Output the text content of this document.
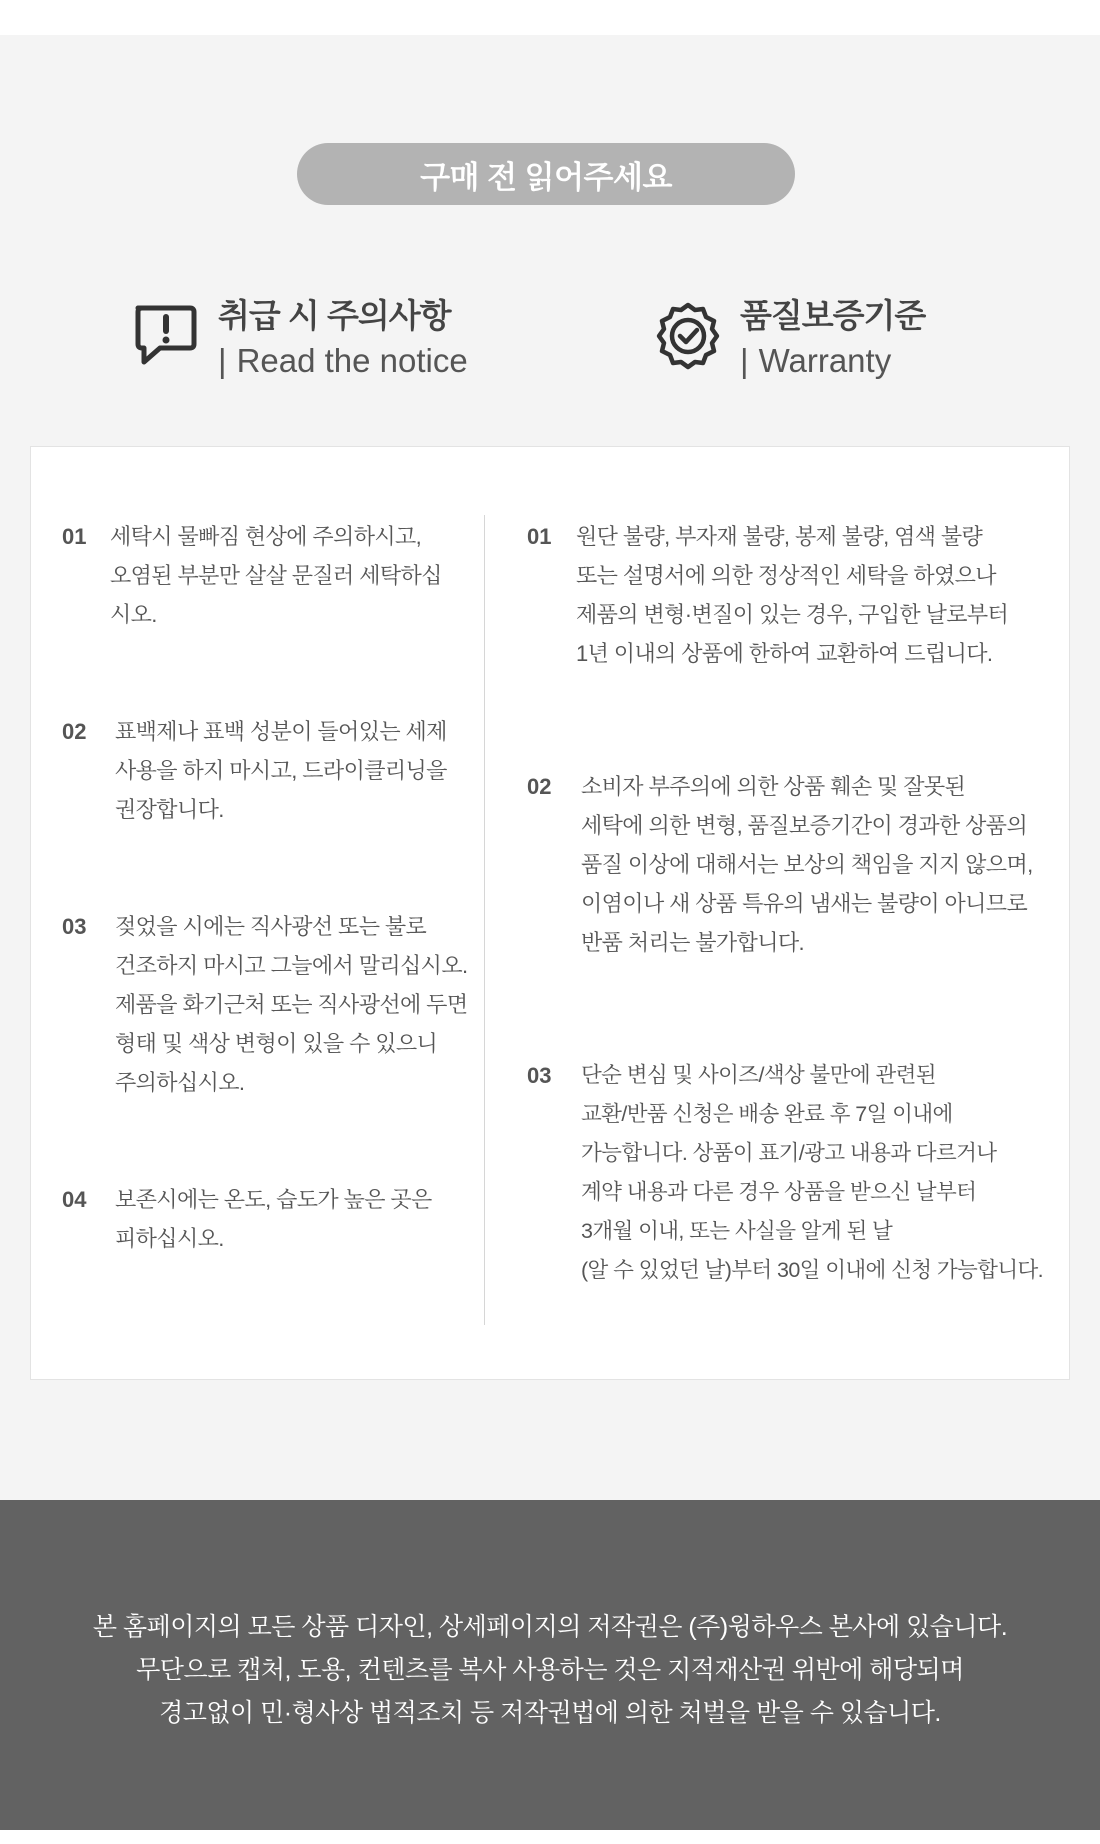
구매 전 읽어주세요
취급 시 주의사항
| Read the notice
품질보증기준
| Warranty
01 세탁시 물빠짐 현상에 주의하시고,
오염된 부분만 살살 문질러 세탁하십
시오.
02 표백제나 표백 성분이 들어있는 세제
사용을 하지 마시고, 드라이클리닝을
권장합니다.
03 젖었을 시에는 직사광선 또는 불로
건조하지 마시고 그늘에서 말리십시오.
제품을 화기근처 또는 직사광선에 두면
형태 및 색상 변형이 있을 수 있으니
주의하십시오.
04 보존시에는 온도, 습도가 높은 곳은
피하십시오.
01 원단 불량, 부자재 불량, 봉제 불량, 염색 불량
또는 설명서에 의한 정상적인 세탁을 하였으나
제품의 변형·변질이 있는 경우, 구입한 날로부터
1년 이내의 상품에 한하여 교환하여 드립니다.
02 소비자 부주의에 의한 상품 훼손 및 잘못된
세탁에 의한 변형, 품질보증기간이 경과한 상품의
품질 이상에 대해서는 보상의 책임을 지지 않으며,
이염이나 새 상품 특유의 냄새는 불량이 아니므로
반품 처리는 불가합니다.
03 단순 변심 및 사이즈/색상 불만에 관련된
교환/반품 신청은 배송 완료 후 7일 이내에
가능합니다. 상품이 표기/광고 내용과 다르거나
계약 내용과 다른 경우 상품을 받으신 날부터
3개월 이내, 또는 사실을 알게 된 날
(알 수 있었던 날)부터 30일 이내에 신청 가능합니다.
본 홈페이지의 모든 상품 디자인, 상세페이지의 저작권은 (주)윙하우스 본사에 있습니다.
무단으로 캡처, 도용, 컨텐츠를 복사 사용하는 것은 지적재산권 위반에 해당되며
경고없이 민·형사상 법적조치 등 저작권법에 의한 처벌을 받을 수 있습니다.
